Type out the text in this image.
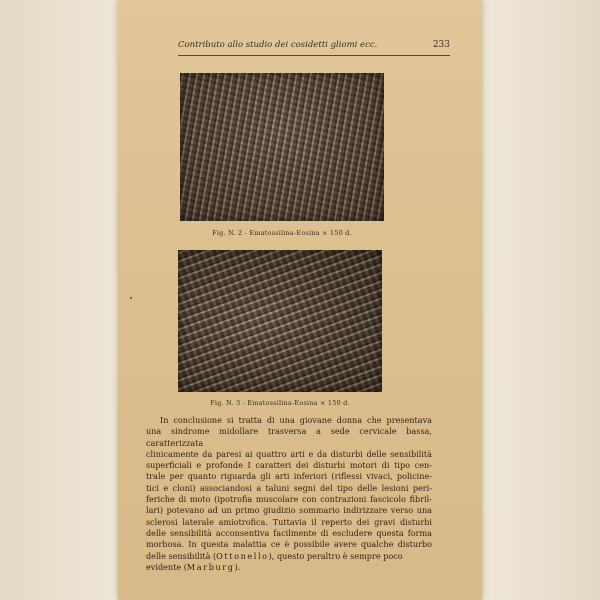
Contributo allo studio dei cosidetti gliomi ecc.	233
Fig. N. 2 - Ematossilina-Eosina × 150 d.
Fig. N. 3 - Ematossilina-Eosina × 150 d.
In conclusione si tratta di una giovane donna che presentava
una sindrome midollare trasversa a sede cervicale bassa, caratterizzata
clinicamente da paresi ai quattro arti e da disturbi delle sensibilità
superficiali e profonde I caratteri dei disturbi motori di tipo cen-
trale per quanto riguarda gli arti inferiori (riflessi vivaci, policine-
tici e cloni) associandosi a taluni segni del tipo delle lesioni peri-
feriche di moto (ipotrofia muscolare con contrazioni fascicolo fibril-
lari) potevano ad un primo giudizio sommario indirizzare verso una
sclerosi laterale amiotrofica. Tuttavia il reperto dei gravi disturbi
delle sensibilità acconsentiva facilmente di escludere questa forma
morbosa. In questa malattia ce è possibile avere qualche disturbo
delle sensibilità (Ottonello), questo peraltro è sempre poco
evidente (Marburg).
